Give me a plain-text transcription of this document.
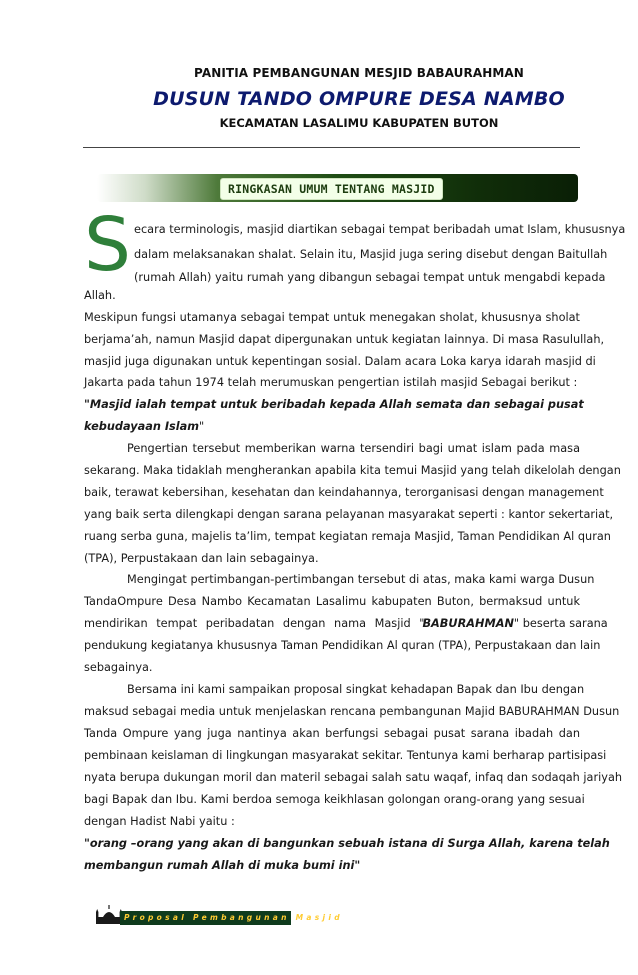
PANITIA PEMBANGUNAN MESJID BABAURAHMAN
DUSUN TANDO OMPURE DESA NAMBO
KECAMATAN LASALIMU KABUPATEN BUTON
RINGKASAN UMUM TENTANG MASJID
S ecara terminologis, masjid diartikan sebagai tempat beribadah umat Islam, khususnya
dalam melaksanakan shalat. Selain itu, Masjid juga sering disebut dengan Baitullah
(rumah Allah) yaitu rumah yang dibangun sebagai tempat untuk mengabdi kepada
Allah.
Meskipun fungsi utamanya sebagai tempat untuk menegakan sholat, khususnya sholat
berjama’ah, namun Masjid dapat dipergunakan untuk kegiatan lainnya. Di masa Rasulullah,
masjid juga digunakan untuk kepentingan sosial. Dalam acara Loka karya idarah masjid di
Jakarta pada tahun 1974 telah merumuskan pengertian istilah masjid Sebagai berikut :
"Masjid ialah tempat untuk beribadah kepada Allah semata dan sebagai pusat
kebudayaan Islam"
Pengertian tersebut memberikan warna tersendiri bagi umat islam pada masa
sekarang. Maka tidaklah mengherankan apabila kita temui Masjid yang telah dikelolah dengan
baik, terawat kebersihan, kesehatan dan keindahannya, terorganisasi dengan management
yang baik serta dilengkapi dengan sarana pelayanan masyarakat seperti : kantor sekertariat,
ruang serba guna, majelis ta’lim, tempat kegiatan remaja Masjid, Taman Pendidikan Al quran
(TPA), Perpustakaan dan lain sebagainya.
Mengingat pertimbangan-pertimbangan tersebut di atas, maka kami warga Dusun
TandaOmpure Desa Nambo Kecamatan Lasalimu kabupaten Buton, bermaksud untuk
mendirikan tempat peribadatan dengan nama Masjid "
BABURAHMAN " beserta sarana
pendukung kegiatanya khususnya Taman Pendidikan Al quran (TPA), Perpustakaan dan lain
sebagainya.
Bersama ini kami sampaikan proposal singkat kehadapan Bapak dan Ibu dengan
maksud sebagai media untuk menjelaskan rencana pembangunan Majid BABURAHMAN Dusun
Tanda Ompure yang juga nantinya akan berfungsi sebagai pusat sarana ibadah dan
pembinaan keislaman di lingkungan masyarakat sekitar. Tentunya kami berharap partisipasi
nyata berupa dukungan moril dan materil sebagai salah satu waqaf, infaq dan sodaqah jariyah
bagi Bapak dan Ibu. Kami berdoa semoga keikhlasan golongan orang-orang yang sesuai
dengan Hadist Nabi yaitu :
"orang –orang yang akan di bangunkan sebuah istana di Surga Allah, karena telah
membangun rumah Allah di muka bumi ini"
Proposal Pembangunan Masjid
